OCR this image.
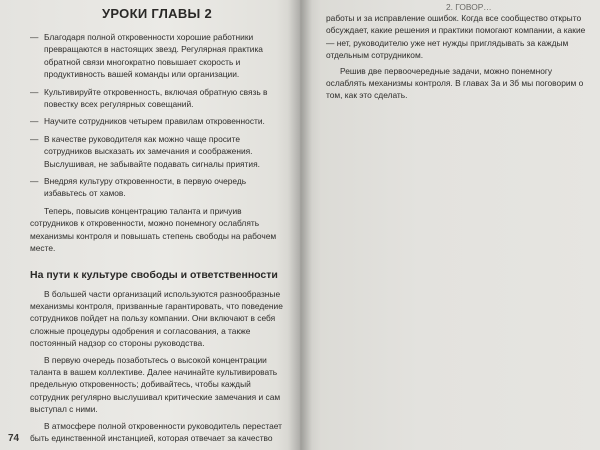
УРОКИ ГЛАВЫ 2
— Благодаря полной откровенности хорошие работники превращаются в настоящих звезд. Регулярная практика обратной связи многократно повышает скорость и продуктивность вашей команды или организации.
— Культивируйте откровенность, включая обратную связь в повестку всех регулярных совещаний.
— Научите сотрудников четырем правилам откровенности.
— В качестве руководителя как можно чаще просите сотрудников высказать их замечания и соображения. Выслушивая, не забывайте подавать сигналы приятия.
— Внедряя культуру откровенности, в первую очередь избавьтесь от хамов.

Теперь, повысив концентрацию таланта и причуив сотрудников к откровенности, можно понемногу ослаблять механизмы контроля и повышать степень свободы на рабочем месте.

На пути к культуре свободы и ответственности

В большей части организаций используются разнообразные механизмы контроля, призванные гарантировать, что поведение сотрудников пойдет на пользу компании. Они включают в себя сложные процедуры одобрения и согласования, а также постоянный надзор со стороны руководства.

В первую очередь позаботьтесь о высокой концентрации таланта в вашем коллективе. Далее начинайте культивировать предельную откровенность; добивайтесь, чтобы каждый сотрудник регулярно выслушивал критические замечания и сам выступал с ними.

В атмосфере полной откровенности руководитель перестает быть единственной инстанцией, которая отвечает за качество

74
2. ГОВОР…

работы и за исправление ошибок. Когда все сообщество открыто обсуждает, какие решения и практики помогают компании, а какие — нет, руководителю уже нет нужды приглядывать за каждым отдельным сотрудником.

Решив две первоочередные задачи, можно понемногу ослаблять механизмы контроля. В главах 3а и 3б мы поговорим о том, как это сделать.
